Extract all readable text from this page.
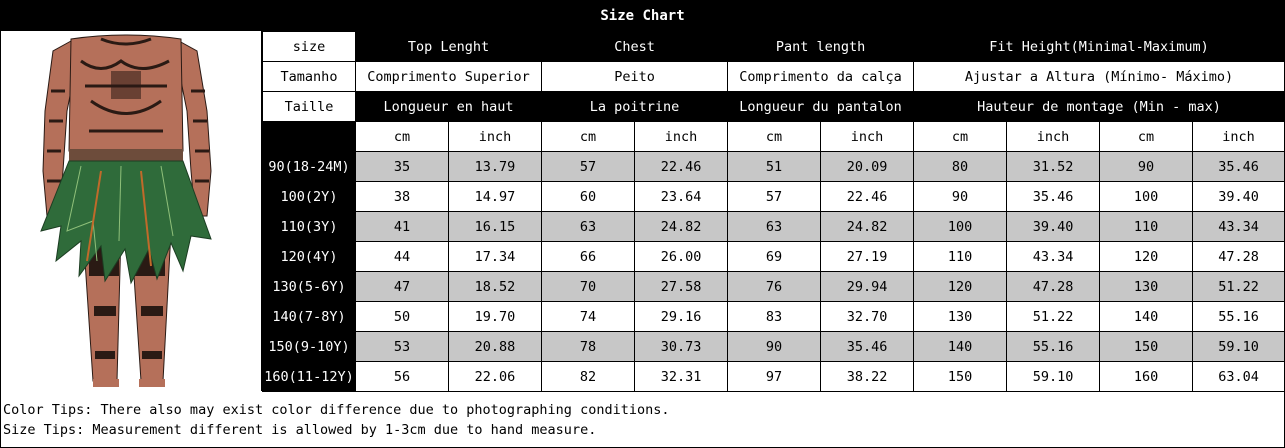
Size Chart
size	Top Lenght		Chest		Pant length		Fit Height(Minimal-Maximum)			
Tamanho	Comprimento Superior		Peito		Comprimento da calça		Ajustar a Altura (Mínimo- Máximo)			
Taille	Longueur en haut		La poitrine		Longueur du pantalon		Hauteur de montage (Min - max)			
	cm	inch	cm	inch	cm	inch	cm	inch	cm	inch
90(18-24M)	35	13.79	57	22.46	51	20.09	80	31.52	90	35.46
100(2Y)	38	14.97	60	23.64	57	22.46	90	35.46	100	39.40
110(3Y)	41	16.15	63	24.82	63	24.82	100	39.40	110	43.34
120(4Y)	44	17.34	66	26.00	69	27.19	110	43.34	120	47.28
130(5-6Y)	47	18.52	70	27.58	76	29.94	120	47.28	130	51.22
140(7-8Y)	50	19.70	74	29.16	83	32.70	130	51.22	140	55.16
150(9-10Y)	53	20.88	78	30.73	90	35.46	140	55.16	150	59.10
160(11-12Y)	56	22.06	82	32.31	97	38.22	150	59.10	160	63.04
Color Tips: There also may exist color difference due to photographing conditions.
Size Tips: Measurement different is allowed by 1-3cm due to hand measure.
